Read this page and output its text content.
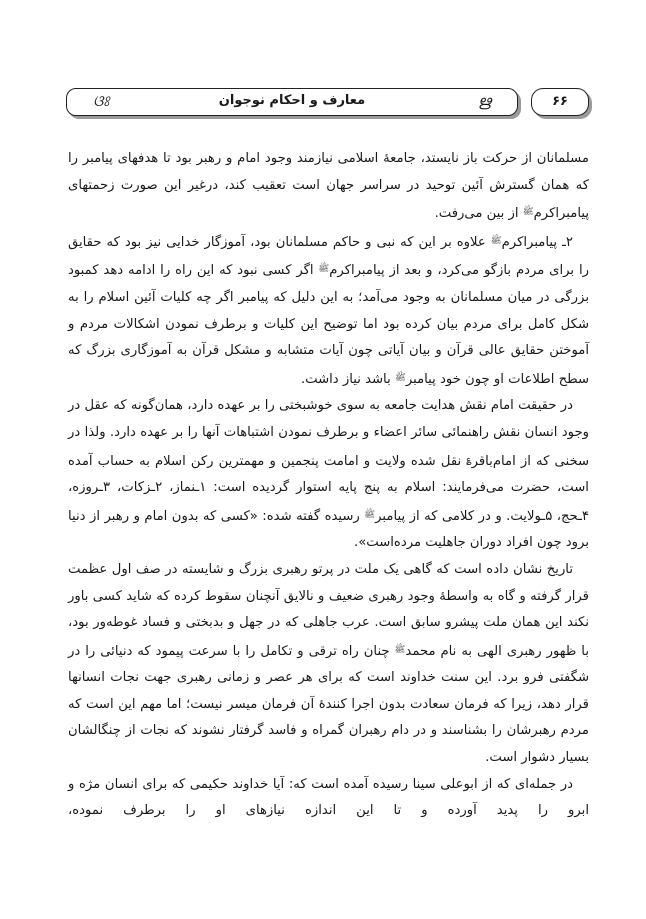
ଓଃ	معارف و احکام نوجوان	ഋ	۶۶

مسلمانان از حرکت باز نایستد، جامعهٔ اسلامی نیازمند وجود امام و رهبر بود تا هدفهای پیامبر را که همان گسترش آئین توحید در سراسر جهان است تعقیب کند، درغیر این صورت زحمتهای پیامبراکرم$^ﷺ$ از بین می‌رفت.

۲ـ پیامبراکرم$^ﷺ$ علاوه بر این که نبی و حاکم مسلمانان بود، آموزگار خدایی نیز بود که حقایق را برای مردم بازگو می‌کرد، و بعد از پیامبراکرم$^ﷺ$ اگر کسی نبود که این راه را ادامه دهد کمبود بزرگی در میان مسلمانان به وجود می‌آمد؛ به این دلیل که پیامبر اگر چه کلیات آئین اسلام را به شکل کامل برای مردم بیان کرده بود اما توضیح این کلیات و برطرف نمودن اشکالات مردم و آموختن حقایق عالی قرآن و بیان آیاتی چون آیات متشابه و مشکل قرآن به آموزگاری بزرگ که سطح اطلاعات او چون خود پیامبر$^ﷺ$ باشد نیاز داشت.

در حقیقت امام نقش هدایت جامعه به سوی خوشبختی را بر عهده دارد، همان‌گونه که عقل در وجود انسان نقش راهنمائی سائر اعضاء و برطرف نمودن اشتباهات آنها را بر عهده دارد. ولذا در سخنی که از امام‌باقر؏ نقل شده ولایت و امامت پنجمین و مهمترین رکن اسلام به حساب آمده است، حضرت می‌فرمایند: اسلام به پنج پایه استوار گردیده است: ۱ـنماز، ۲ـزکات، ۳ـروزه، ۴ـحج، ۵ـولایت. و در کلامی که از پیامبر$^ﷺ$ رسیده گفته شده: «کسی که بدون امام و رهبر از دنیا برود چون افراد دوران جاهلیت مرده‌است».

تاریخ نشان داده است که گاهی یک ملت در پرتو رهبری بزرگ و شایسته در صف اول عظمت قرار گرفته و گاه به واسطهٔ وجود رهبری ضعیف و نالایق آنچنان سقوط کرده که شاید کسی باور نکند این همان ملت پیشرو سابق است. عرب جاهلی که در جهل و بدبختی و فساد غوطه‌ور بود، با ظهور رهبری الهی به نام محمد$^ﷺ$ چنان راه ترقی و تکامل را با سرعت پیمود که دنیائی را در شگفتی فرو برد. این سنت خداوند است که برای هر عصر و زمانی رهبری جهت نجات انسانها قرار دهد، زیرا که فرمان سعادت بدون اجرا کنندهٔ آن فرمان میسر نیست؛ اما مهم این است که مردم رهبرشان را بشناسند و در دام رهبران گمراه و فاسد گرفتار نشوند که نجات از چنگالشان بسیار دشوار است.

در جمله‌ای که از ابوعلی سینا رسیده آمده است که: آیا خداوند حکیمی که برای انسان مژه و ابرو را پدید آورده و تا این اندازه نیازهای او را برطرف نموده،
